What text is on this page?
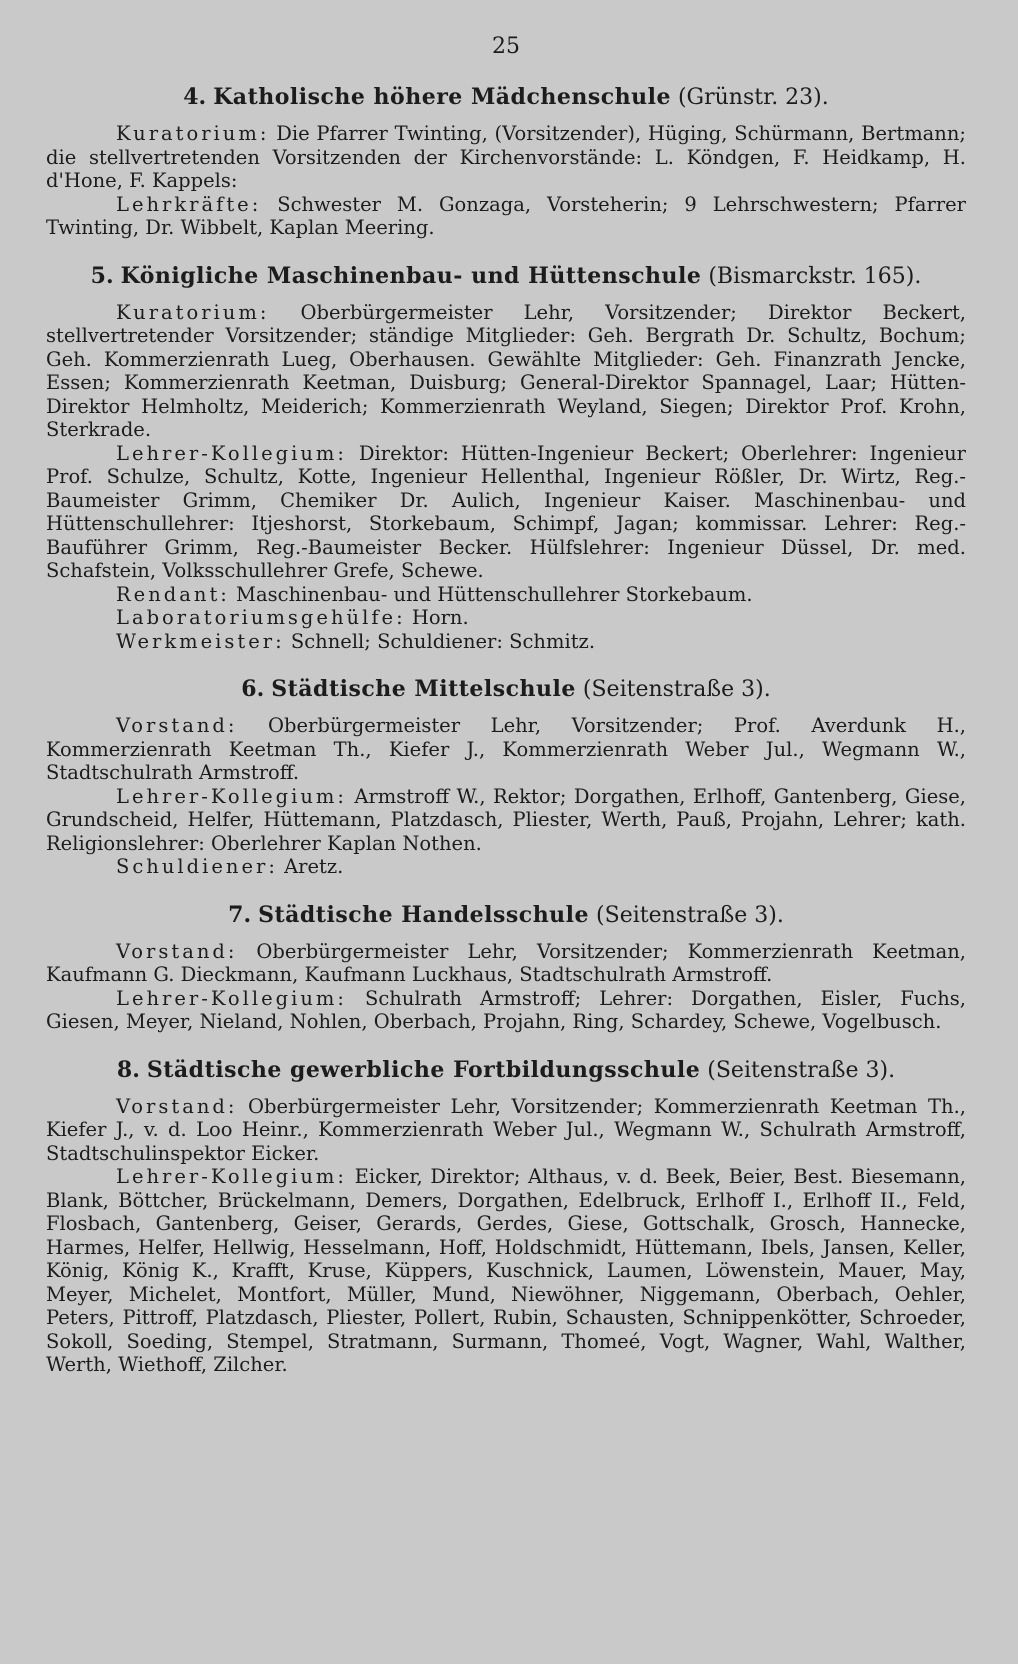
25
4. Katholische höhere Mädchenschule (Grünstr. 23).

Kuratorium: Die Pfarrer Twinting, (Vorsitzender), Hüging, Schürmann, Bertmann; die stellvertretenden Vorsitzenden der Kirchenvorstände: L. Köndgen, F. Heidkamp, H. d'Hone, F. Kappels:

Lehrkräfte: Schwester M. Gonzaga, Vorsteherin; 9 Lehrschwestern; Pfarrer Twinting, Dr. Wibbelt, Kaplan Meering.

5. Königliche Maschinenbau- und Hüttenschule (Bismarckstr. 165).

Kuratorium: Oberbürgermeister Lehr, Vorsitzender; Direktor Beckert, stellvertretender Vorsitzender; ständige Mitglieder: Geh. Bergrath Dr. Schultz, Bochum; Geh. Kommerzienrath Lueg, Oberhausen. Gewählte Mitglieder: Geh. Finanzrath Jencke, Essen; Kommerzienrath Keetman, Duisburg; General-Direktor Spannagel, Laar; Hütten-Direktor Helmholtz, Meiderich; Kommerzienrath Weyland, Siegen; Direktor Prof. Krohn, Sterkrade.

Lehrer-Kollegium: Direktor: Hütten-Ingenieur Beckert; Oberlehrer: Ingenieur Prof. Schulze, Schultz, Kotte, Ingenieur Hellenthal, Ingenieur Rößler, Dr. Wirtz, Reg.-Baumeister Grimm, Chemiker Dr. Aulich, Ingenieur Kaiser. Maschinenbau- und Hüttenschullehrer: Itjeshorst, Storkebaum, Schimpf, Jagan; kommissar. Lehrer: Reg.-Bauführer Grimm, Reg.-Baumeister Becker. Hülfslehrer: Ingenieur Düssel, Dr. med. Schafstein, Volksschullehrer Grefe, Schewe.

Rendant: Maschinenbau- und Hüttenschullehrer Storkebaum.

Laboratoriumsgehülfe: Horn.

Werkmeister: Schnell; Schuldiener: Schmitz.

6. Städtische Mittelschule (Seitenstraße 3).

Vorstand: Oberbürgermeister Lehr, Vorsitzender; Prof. Averdunk H., Kommerzienrath Keetman Th., Kiefer J., Kommerzienrath Weber Jul., Wegmann W., Stadtschulrath Armstroff.

Lehrer-Kollegium: Armstroff W., Rektor; Dorgathen, Erlhoff, Gantenberg, Giese, Grundscheid, Helfer, Hüttemann, Platzdasch, Pliester, Werth, Pauß, Projahn, Lehrer; kath. Religionslehrer: Oberlehrer Kaplan Nothen.

Schuldiener: Aretz.

7. Städtische Handelsschule (Seitenstraße 3).

Vorstand: Oberbürgermeister Lehr, Vorsitzender; Kommerzienrath Keetman, Kaufmann G. Dieckmann, Kaufmann Luckhaus, Stadtschulrath Armstroff.

Lehrer-Kollegium: Schulrath Armstroff; Lehrer: Dorgathen, Eisler, Fuchs, Giesen, Meyer, Nieland, Nohlen, Oberbach, Projahn, Ring, Schardey, Schewe, Vogelbusch.

8. Städtische gewerbliche Fortbildungsschule (Seitenstraße 3).

Vorstand: Oberbürgermeister Lehr, Vorsitzender; Kommerzienrath Keetman Th., Kiefer J., v. d. Loo Heinr., Kommerzienrath Weber Jul., Wegmann W., Schulrath Armstroff, Stadtschulinspektor Eicker.

Lehrer-Kollegium: Eicker, Direktor; Althaus, v. d. Beek, Beier, Best. Biesemann, Blank, Böttcher, Brückelmann, Demers, Dorgathen, Edelbruck, Erlhoff I., Erlhoff II., Feld, Flosbach, Gantenberg, Geiser, Gerards, Gerdes, Giese, Gottschalk, Grosch, Hannecke, Harmes, Helfer, Hellwig, Hesselmann, Hoff, Holdschmidt, Hüttemann, Ibels, Jansen, Keller, König, König K., Krafft, Kruse, Küppers, Kuschnick, Laumen, Löwenstein, Mauer, May, Meyer, Michelet, Montfort, Müller, Mund, Niewöhner, Niggemann, Oberbach, Oehler, Peters, Pittroff, Platzdasch, Pliester, Pollert, Rubin, Schausten, Schnippenkötter, Schroeder, Sokoll, Soeding, Stempel, Stratmann, Surmann, Thomeé, Vogt, Wagner, Wahl, Walther, Werth, Wiethoff, Zilcher.
